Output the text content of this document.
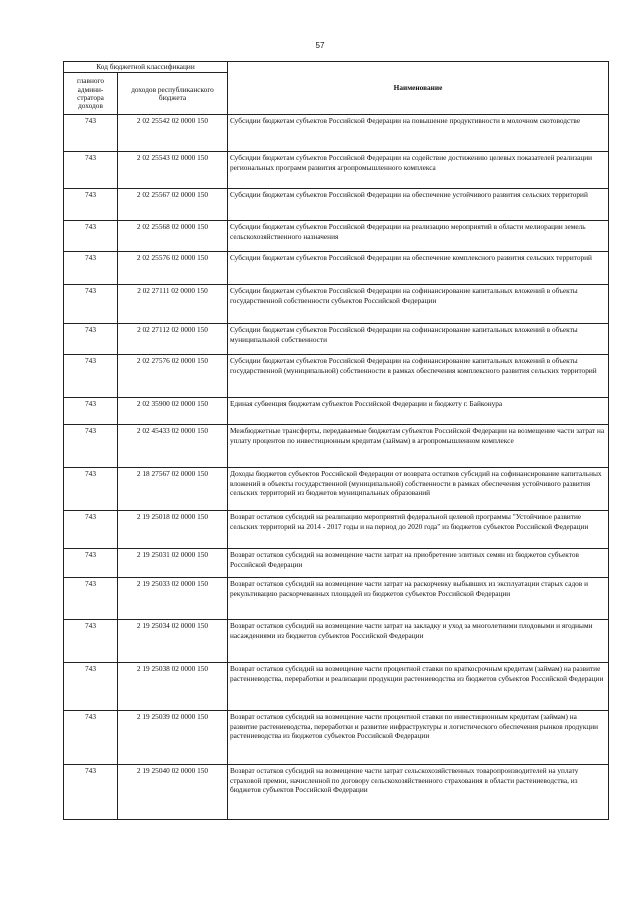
57
Код бюджетной классификации		Наименование
главного админи-стратора доходов	доходов республиканского бюджета	
743	2 02 25542 02 0000 150	Субсидии бюджетам субъектов Российской Федерации на повышение продуктивности в молочном скотоводстве
743	2 02 25543 02 0000 150	Субсидии бюджетам субъектов Российской Федерации на содействие достижению целевых показателей реализации региональных программ развития агропромышленного комплекса
743	2 02 25567 02 0000 150	Субсидии бюджетам субъектов Российской Федерации на обеспечение устойчивого развития сельских территорий
743	2 02 25568 02 0000 150	Субсидии бюджетам субъектов Российской Федерации на реализацию мероприятий в области мелиорации земель сельскохозяйственного назначения
743	2 02 25576 02 0000 150	Субсидии бюджетам субъектов Российской Федерации на обеспечение комплексного развития сельских территорий
743	2 02 27111 02 0000 150	Субсидии бюджетам субъектов Российской Федерации на софинансирование капитальных вложений в объекты государственной собственности субъектов Российской Федерации
743	2 02 27112 02 0000 150	Субсидии бюджетам субъектов Российской Федерации на софинансирование капитальных вложений в объекты муниципальной собственности
743	2 02 27576 02 0000 150	Субсидии бюджетам субъектов Российской Федерации на софинансирование капитальных вложений в объекты государственной (муниципальной) собственности в рамках обеспечения комплексного развития сельских территорий
743	2 02 35900 02 0000 150	Единая субвенция бюджетам субъектов Российской Федерации и бюджету г. Байконура
743	2 02 45433 02 0000 150	Межбюджетные трансферты, передаваемые бюджетам субъектов Российской Федерации на возмещение части затрат на уплату процентов по инвестиционным кредитам (займам) в агропромышленном комплексе
743	2 18 27567 02 0000 150	Доходы бюджетов субъектов Российской Федерации от возврата остатков субсидий на софинансирование капитальных вложений в объекты государственной (муниципальной) собственности в рамках обеспечения устойчивого развития сельских территорий из бюджетов муниципальных образований
743	2 19 25018 02 0000 150	Возврат остатков субсидий на реализацию мероприятий федеральной целевой программы "Устойчивое развитие сельских территорий на 2014 - 2017 годы и на период до 2020 года" из бюджетов субъектов Российской Федерации
743	2 19 25031 02 0000 150	Возврат остатков субсидий на возмещение части затрат на приобретение элитных семян из бюджетов субъектов Российской Федерации
743	2 19 25033 02 0000 150	Возврат остатков субсидий на возмещение части затрат на раскорчевку выбывших из эксплуатации старых садов и рекультивацию раскорчеванных площадей из бюджетов субъектов Российской Федерации
743	2 19 25034 02 0000 150	Возврат остатков субсидий на возмещение части затрат на закладку и уход за многолетними плодовыми и ягодными насаждениями из бюджетов субъектов Российской Федерации
743	2 19 25038 02 0000 150	Возврат остатков субсидий на возмещение части процентной ставки по краткосрочным кредитам (займам) на развитие растениеводства, переработки и реализации продукции растениеводства из бюджетов субъектов Российской Федерации
743	2 19 25039 02 0000 150	Возврат остатков субсидий на возмещение части процентной ставки по инвестиционным кредитам (займам) на развитие растениеводства, переработки и развитие инфраструктуры и логистического обеспечения рынков продукции растениеводства из бюджетов субъектов Российской Федерации
743	2 19 25040 02 0000 150	Возврат остатков субсидий на возмещение части затрат сельскохозяйственных товаропроизводителей на уплату страховой премии, начисленной по договору сельскохозяйственного страхования в области растениеводства, из бюджетов субъектов Российской Федерации
